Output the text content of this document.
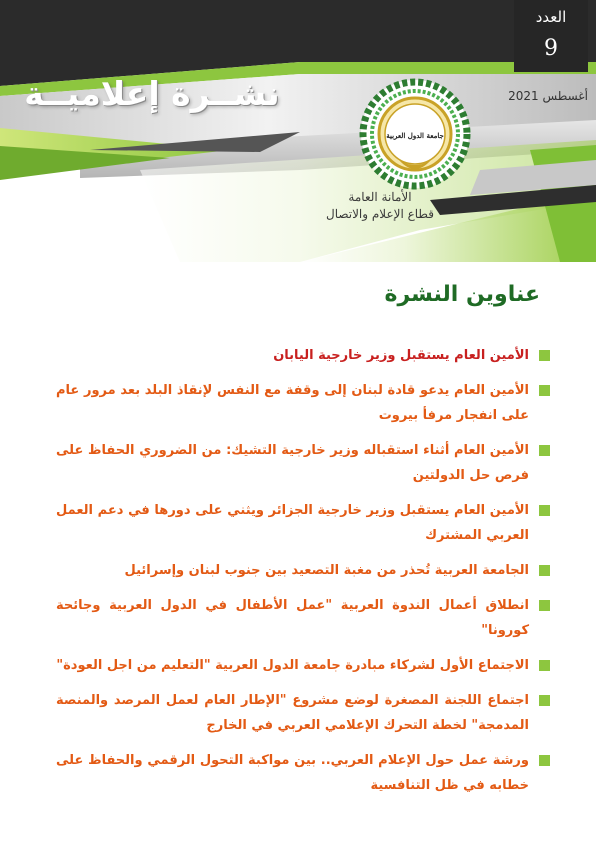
العدد
9
أغسطس 2021
نشــرة إعلاميــة
جامعة الدول العربية
الأمانة العامة
قطاع الإعلام والاتصال
عناوين النشرة
الأمين العام يستقبل وزير خارجية اليابان
الأمين العام يدعو قادة لبنان إلى وقفة مع النفس لإنقاذ البلد بعد مرور عام على انفجار مرفأ بيروت
الأمين العام أثناء استقباله وزير خارجية التشيك: من الضروري الحفاظ على فرص حل الدولتين
الأمين العام يستقبل وزير خارجية الجزائر ويثني على دورها في دعم العمل العربي المشترك
الجامعة العربية تُحذر من مغبة التصعيد بين جنوب لبنان وإسرائيل
انطلاق أعمال الندوة العربية "عمل الأطفال في الدول العربية وجائحة كورونا"
الاجتماع الأول لشركاء مبادرة جامعة الدول العربية "التعليم من اجل العودة"
اجتماع اللجنة المصغرة لوضع مشروع "الإطار العام لعمل المرصد والمنصة المدمجة" لخطة التحرك الإعلامي العربي في الخارج
ورشة عمل حول الإعلام العربي.. بين مواكبة التحول الرقمي والحفاظ على خطابه في ظل التنافسية
